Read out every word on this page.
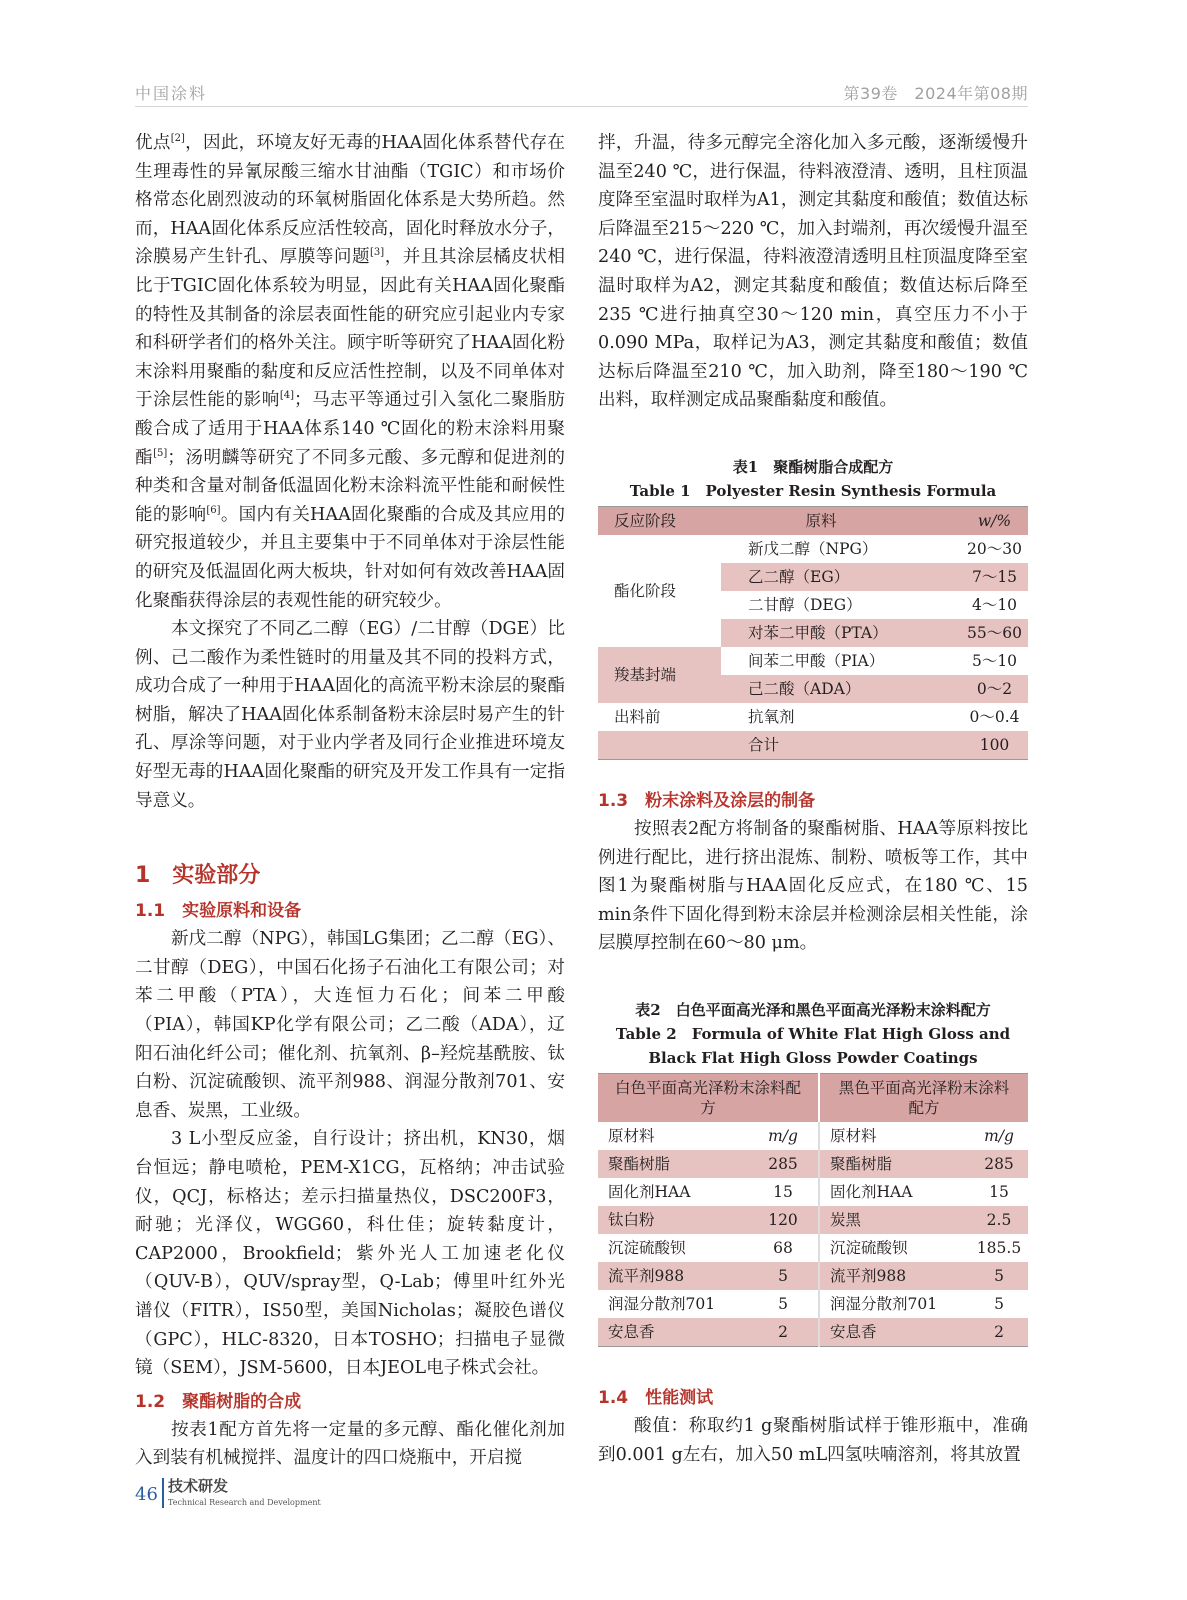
中国涂料	第39卷　2024年第08期
优点[2]，因此，环境友好无毒的HAA固化体系替代存在生理毒性的异氰尿酸三缩水甘油酯（TGIC）和市场价格常态化剧烈波动的环氧树脂固化体系是大势所趋。然而，HAA固化体系反应活性较高，固化时释放水分子，涂膜易产生针孔、厚膜等问题[3]，并且其涂层橘皮状相比于TGIC固化体系较为明显，因此有关HAA固化聚酯的特性及其制备的涂层表面性能的研究应引起业内专家和科研学者们的格外关注。顾宇昕等研究了HAA固化粉末涂料用聚酯的黏度和反应活性控制，以及不同单体对于涂层性能的影响[4]；马志平等通过引入氢化二聚脂肪酸合成了适用于HAA体系140 ℃固化的粉末涂料用聚酯[5]；汤明麟等研究了不同多元酸、多元醇和促进剂的种类和含量对制备低温固化粉末涂料流平性能和耐候性能的影响[6]。国内有关HAA固化聚酯的合成及其应用的研究报道较少，并且主要集中于不同单体对于涂层性能的研究及低温固化两大板块，针对如何有效改善HAA固化聚酯获得涂层的表观性能的研究较少。
本文探究了不同乙二醇（EG）/二甘醇（DGE）比例、己二酸作为柔性链时的用量及其不同的投料方式，成功合成了一种用于HAA固化的高流平粉末涂层的聚酯树脂，解决了HAA固化体系制备粉末涂层时易产生的针孔、厚涂等问题，对于业内学者及同行企业推进环境友好型无毒的HAA固化聚酯的研究及开发工作具有一定指导意义。
1　实验部分
1.1　实验原料和设备
新戊二醇（NPG），韩国LG集团；乙二醇（EG）、二甘醇（DEG），中国石化扬子石油化工有限公司；对苯二甲酸（PTA），大连恒力石化；间苯二甲酸（PIA），韩国KP化学有限公司；乙二酸（ADA），辽阳石油化纤公司；催化剂、抗氧剂、β–羟烷基酰胺、钛白粉、沉淀硫酸钡、流平剂988、润湿分散剂701、安息香、炭黑，工业级。
3 L小型反应釜，自行设计；挤出机，KN30，烟台恒远；静电喷枪，PEM-X1CG，瓦格纳；冲击试验仪，QCJ，标格达；差示扫描量热仪，DSC200F3，耐驰；光泽仪，WGG60，科仕佳；旋转黏度计，CAP2000，Brookfield；紫外光人工加速老化仪（QUV-B），QUV/spray型，Q-Lab；傅里叶红外光谱仪（FITR），IS50型，美国Nicholas；凝胶色谱仪（GPC），HLC-8320，日本TOSHO；扫描电子显微镜（SEM），JSM-5600，日本JEOL电子株式会社。
1.2　聚酯树脂的合成
按表1配方首先将一定量的多元醇、酯化催化剂加入到装有机械搅拌、温度计的四口烧瓶中，开启搅
拌，升温，待多元醇完全溶化加入多元酸，逐渐缓慢升温至240 ℃，进行保温，待料液澄清、透明，且柱顶温度降至室温时取样为A1，测定其黏度和酸值；数值达标后降温至215～220 ℃，加入封端剂，再次缓慢升温至240 ℃，进行保温，待料液澄清透明且柱顶温度降至室温时取样为A2，测定其黏度和酸值；数值达标后降至235 ℃进行抽真空30～120 min，真空压力不小于0.090 MPa，取样记为A3，测定其黏度和酸值；数值达标后降温至210 ℃，加入助剂，降至180～190 ℃出料，取样测定成品聚酯黏度和酸值。
表1　聚酯树脂合成配方
Table 1　Polyester Resin Synthesis Formula
反应阶段	原料	w/%
酯化阶段	新戊二醇（NPG）	20～30
	乙二醇（EG）	7～15
	二甘醇（DEG）	4～10
	对苯二甲酸（PTA）	55～60
羧基封端	间苯二甲酸（PIA）	5～10
	己二酸（ADA）	0～2
出料前	抗氧剂	0～0.4
	合计	100
1.3　粉末涂料及涂层的制备
按照表2配方将制备的聚酯树脂、HAA等原料按比例进行配比，进行挤出混炼、制粉、喷板等工作，其中图1为聚酯树脂与HAA固化反应式，在180 ℃、15 min条件下固化得到粉末涂层并检测涂层相关性能，涂层膜厚控制在60～80 μm。
表2　白色平面高光泽和黑色平面高光泽粉末涂料配方
Table 2　Formula of White Flat High Gloss and Black Flat High Gloss Powder Coatings
白色平面高光泽粉末涂料配方		黑色平面高光泽粉末涂料配方	
原材料	m/g	原材料	m/g
聚酯树脂	285	聚酯树脂	285
固化剂HAA	15	固化剂HAA	15
钛白粉	120	炭黑	2.5
沉淀硫酸钡	68	沉淀硫酸钡	185.5
流平剂988	5	流平剂988	5
润湿分散剂701	5	润湿分散剂701	5
安息香	2	安息香	2
1.4　性能测试
酸值：称取约1 g聚酯树脂试样于锥形瓶中，准确到0.001 g左右，加入50 mL四氢呋喃溶剂，将其放置
46 技术研发
Technical Research and Development
